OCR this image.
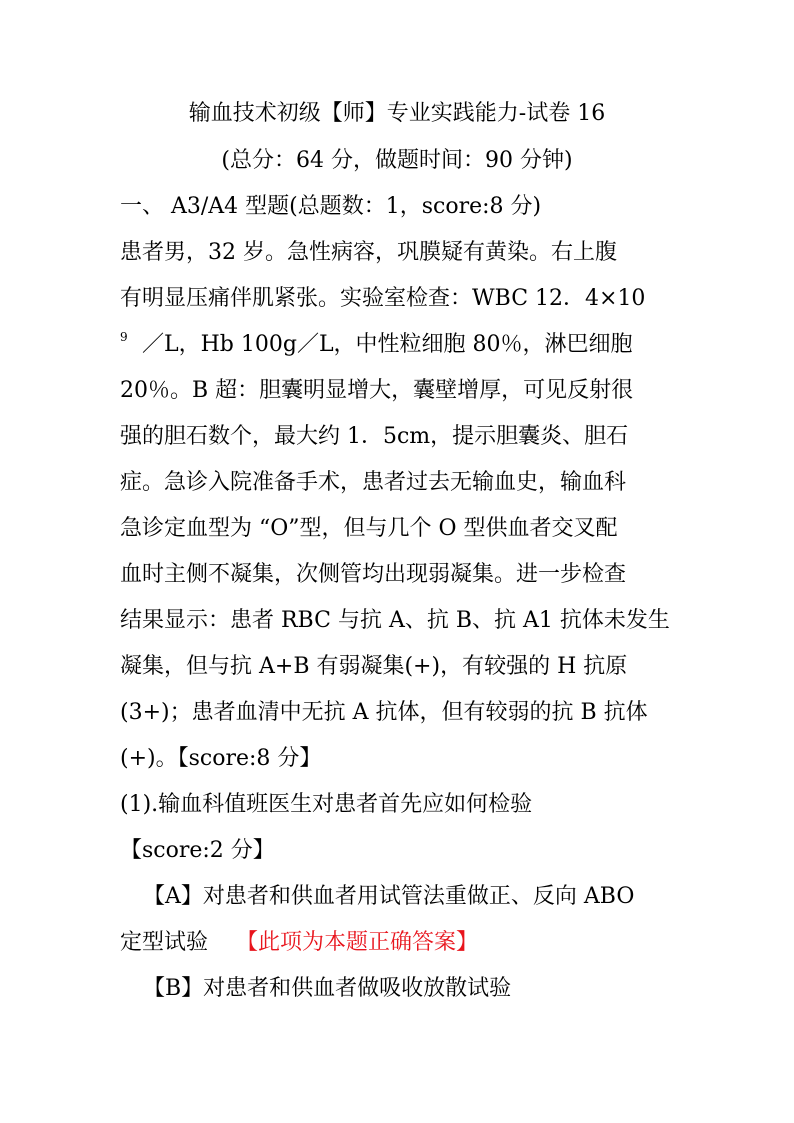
输血技术初级【师】专业实践能力-试卷 16
(总分：64 分，做题时间：90 分钟)
一、 A3/A4 型题(总题数：1，score:8 分)
患者男，32 岁。急性病容，巩膜疑有黄染。右上腹
有明显压痛伴肌紧张。实验室检查：WBC 12．4×10
9 ／L，Hb 100g／L，中性粒细胞 80％，淋巴细胞
20％。B 超：胆囊明显增大，囊壁增厚，可见反射很
强的胆石数个，最大约 1．5cm，提示胆囊炎、胆石
症。急诊入院准备手术，患者过去无输血史，输血科
急诊定血型为 “O”型，但与几个 O 型供血者交叉配
血时主侧不凝集，次侧管均出现弱凝集。进一步检查
结果显示：患者 RBC 与抗 A、抗 B、抗 A1 抗体未发生
凝集，但与抗 A+B 有弱凝集(+)，有较强的 H 抗原
(3+)；患者血清中无抗 A 抗体，但有较弱的抗 B 抗体
(+)。【score:8 分】
(1).输血科值班医生对患者首先应如何检验
【score:2 分】
【A】对患者和供血者用试管法重做正、反向 ABO
定型试验 【此项为本题正确答案】
【B】对患者和供血者做吸收放散试验
